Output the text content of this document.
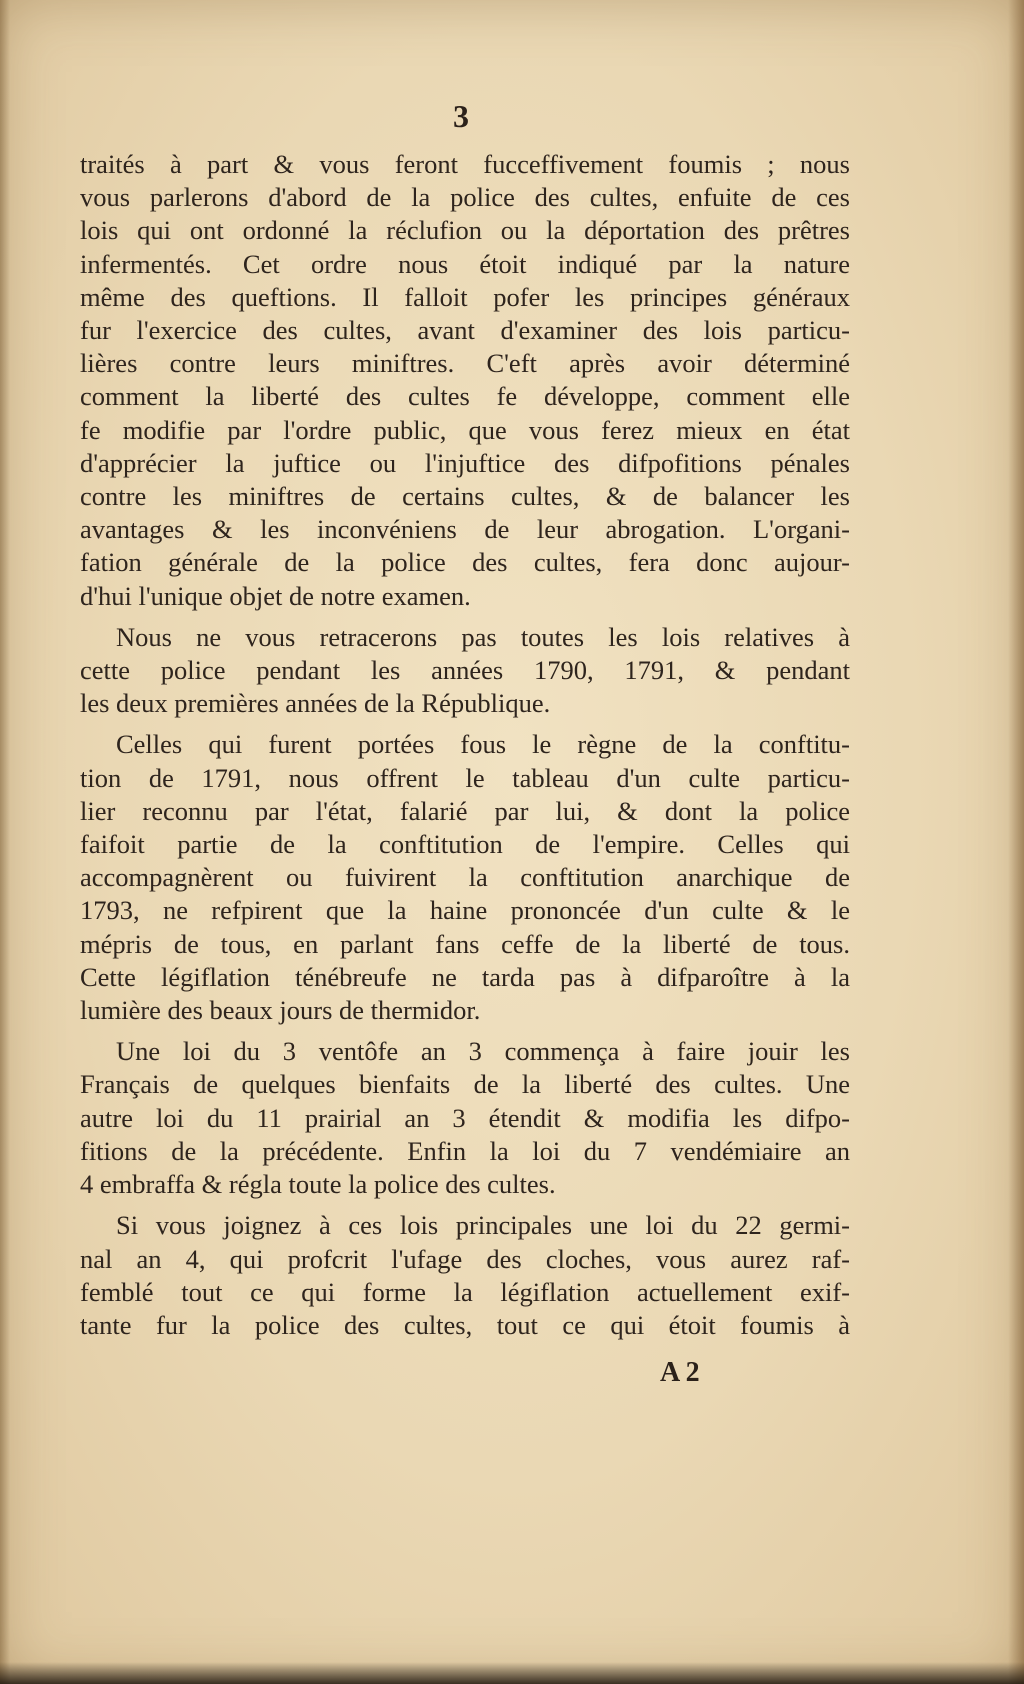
3
traités à part & vous feront fucceffivement foumis ; nous
vous parlerons d'abord de la police des cultes, enfuite de ces
lois qui ont ordonné la réclufion ou la déportation des prêtres
infermentés. Cet ordre nous étoit indiqué par la nature
même des queftions. Il falloit pofer les principes généraux
fur l'exercice des cultes, avant d'examiner des lois particu-
lières contre leurs miniftres. C'eft après avoir déterminé
comment la liberté des cultes fe développe, comment elle
fe modifie par l'ordre public, que vous ferez mieux en état
d'apprécier la juftice ou l'injuftice des difpofitions pénales
contre les miniftres de certains cultes, & de balancer les
avantages & les inconvéniens de leur abrogation. L'organi-
fation générale de la police des cultes, fera donc aujour-
d'hui l'unique objet de notre examen.
Nous ne vous retracerons pas toutes les lois relatives à
cette police pendant les années 1790, 1791, & pendant
les deux premières années de la République.
Celles qui furent portées fous le règne de la conftitu-
tion de 1791, nous offrent le tableau d'un culte particu-
lier reconnu par l'état, falarié par lui, & dont la police
faifoit partie de la conftitution de l'empire. Celles qui
accompagnèrent ou fuivirent la conftitution anarchique de
1793, ne refpirent que la haine prononcée d'un culte & le
mépris de tous, en parlant fans ceffe de la liberté de tous.
Cette légiflation ténébreufe ne tarda pas à difparoître à la
lumière des beaux jours de thermidor.
Une loi du 3 ventôfe an 3 commença à faire jouir les
Français de quelques bienfaits de la liberté des cultes. Une
autre loi du 11 prairial an 3 étendit & modifia les difpo-
fitions de la précédente. Enfin la loi du 7 vendémiaire an
4 embraffa & régla toute la police des cultes.
Si vous joignez à ces lois principales une loi du 22 germi-
nal an 4, qui profcrit l'ufage des cloches, vous aurez raf-
femblé tout ce qui forme la légiflation actuellement exif-
tante fur la police des cultes, tout ce qui étoit foumis à
A 2
